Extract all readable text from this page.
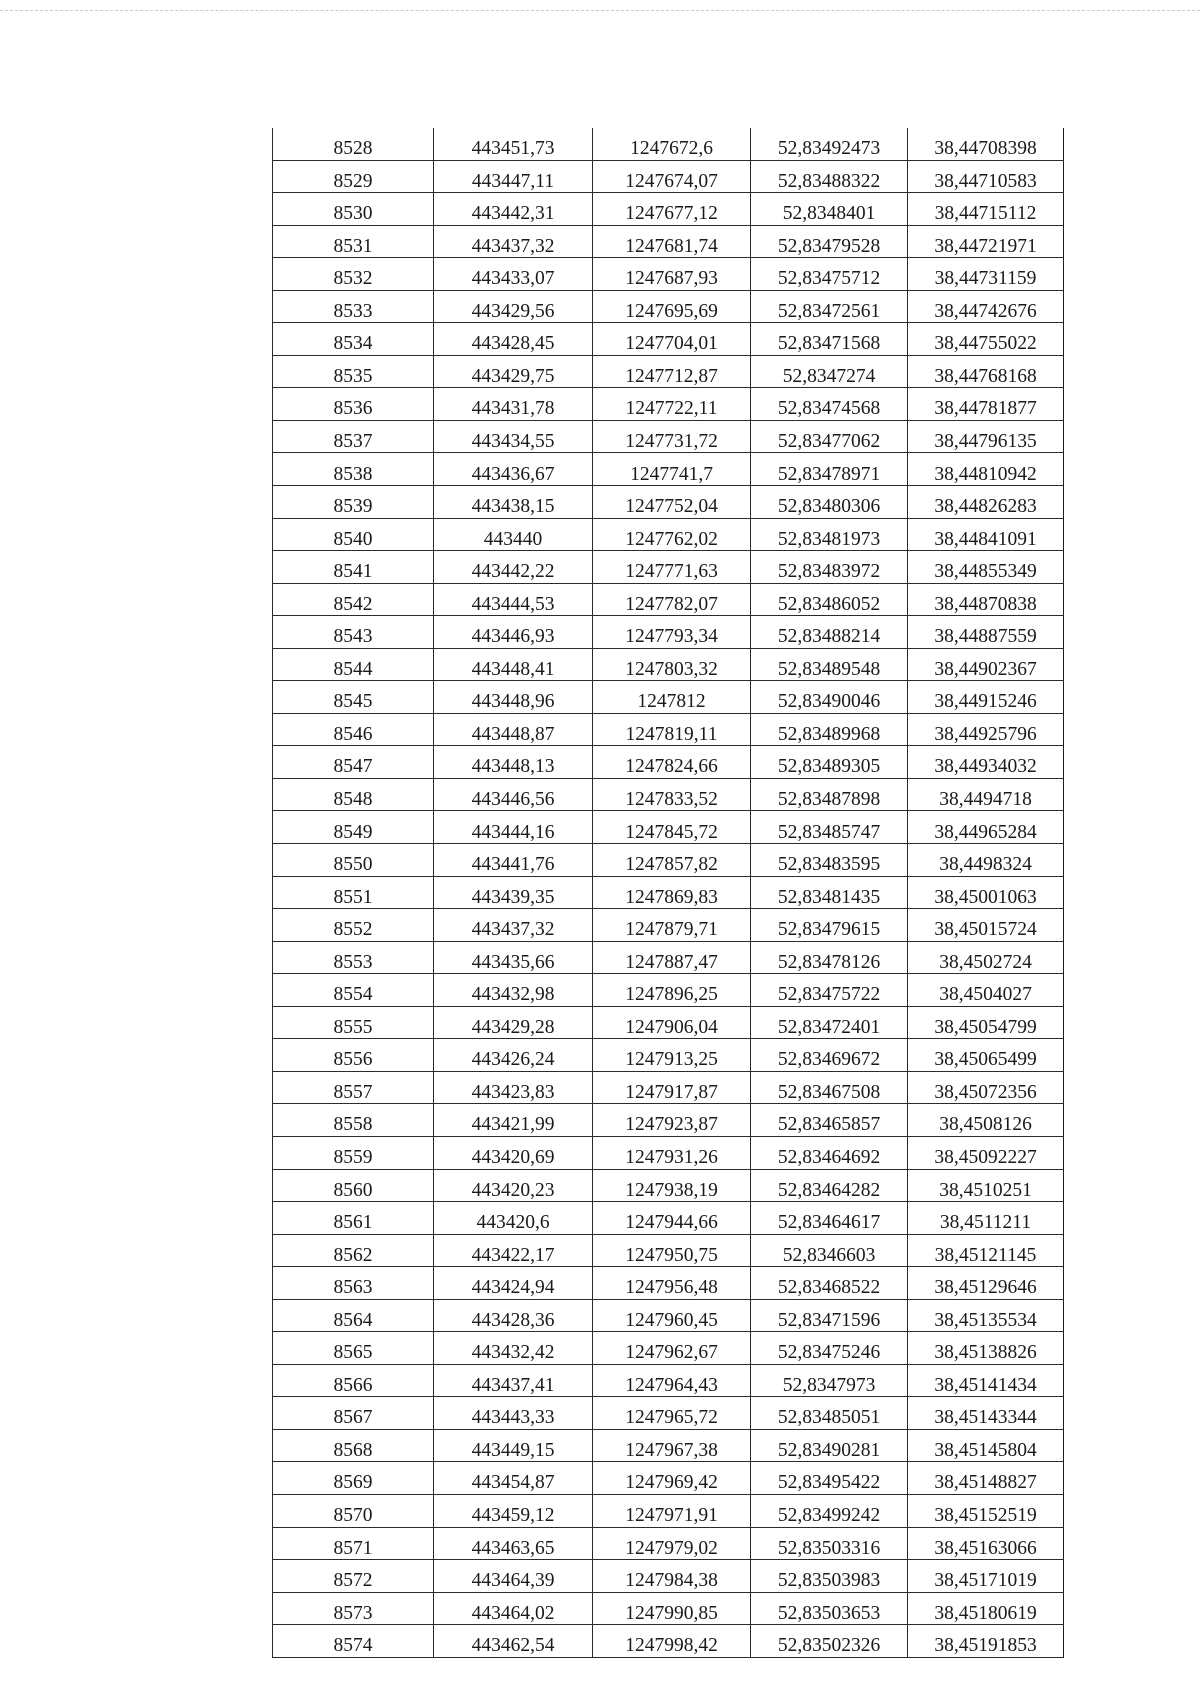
8528	443451,73	1247672,6	52,83492473	38,44708398
8529	443447,11	1247674,07	52,83488322	38,44710583
8530	443442,31	1247677,12	52,8348401	38,44715112
8531	443437,32	1247681,74	52,83479528	38,44721971
8532	443433,07	1247687,93	52,83475712	38,44731159
8533	443429,56	1247695,69	52,83472561	38,44742676
8534	443428,45	1247704,01	52,83471568	38,44755022
8535	443429,75	1247712,87	52,8347274	38,44768168
8536	443431,78	1247722,11	52,83474568	38,44781877
8537	443434,55	1247731,72	52,83477062	38,44796135
8538	443436,67	1247741,7	52,83478971	38,44810942
8539	443438,15	1247752,04	52,83480306	38,44826283
8540	443440	1247762,02	52,83481973	38,44841091
8541	443442,22	1247771,63	52,83483972	38,44855349
8542	443444,53	1247782,07	52,83486052	38,44870838
8543	443446,93	1247793,34	52,83488214	38,44887559
8544	443448,41	1247803,32	52,83489548	38,44902367
8545	443448,96	1247812	52,83490046	38,44915246
8546	443448,87	1247819,11	52,83489968	38,44925796
8547	443448,13	1247824,66	52,83489305	38,44934032
8548	443446,56	1247833,52	52,83487898	38,4494718
8549	443444,16	1247845,72	52,83485747	38,44965284
8550	443441,76	1247857,82	52,83483595	38,4498324
8551	443439,35	1247869,83	52,83481435	38,45001063
8552	443437,32	1247879,71	52,83479615	38,45015724
8553	443435,66	1247887,47	52,83478126	38,4502724
8554	443432,98	1247896,25	52,83475722	38,4504027
8555	443429,28	1247906,04	52,83472401	38,45054799
8556	443426,24	1247913,25	52,83469672	38,45065499
8557	443423,83	1247917,87	52,83467508	38,45072356
8558	443421,99	1247923,87	52,83465857	38,4508126
8559	443420,69	1247931,26	52,83464692	38,45092227
8560	443420,23	1247938,19	52,83464282	38,4510251
8561	443420,6	1247944,66	52,83464617	38,4511211
8562	443422,17	1247950,75	52,8346603	38,45121145
8563	443424,94	1247956,48	52,83468522	38,45129646
8564	443428,36	1247960,45	52,83471596	38,45135534
8565	443432,42	1247962,67	52,83475246	38,45138826
8566	443437,41	1247964,43	52,8347973	38,45141434
8567	443443,33	1247965,72	52,83485051	38,45143344
8568	443449,15	1247967,38	52,83490281	38,45145804
8569	443454,87	1247969,42	52,83495422	38,45148827
8570	443459,12	1247971,91	52,83499242	38,45152519
8571	443463,65	1247979,02	52,83503316	38,45163066
8572	443464,39	1247984,38	52,83503983	38,45171019
8573	443464,02	1247990,85	52,83503653	38,45180619
8574	443462,54	1247998,42	52,83502326	38,45191853
